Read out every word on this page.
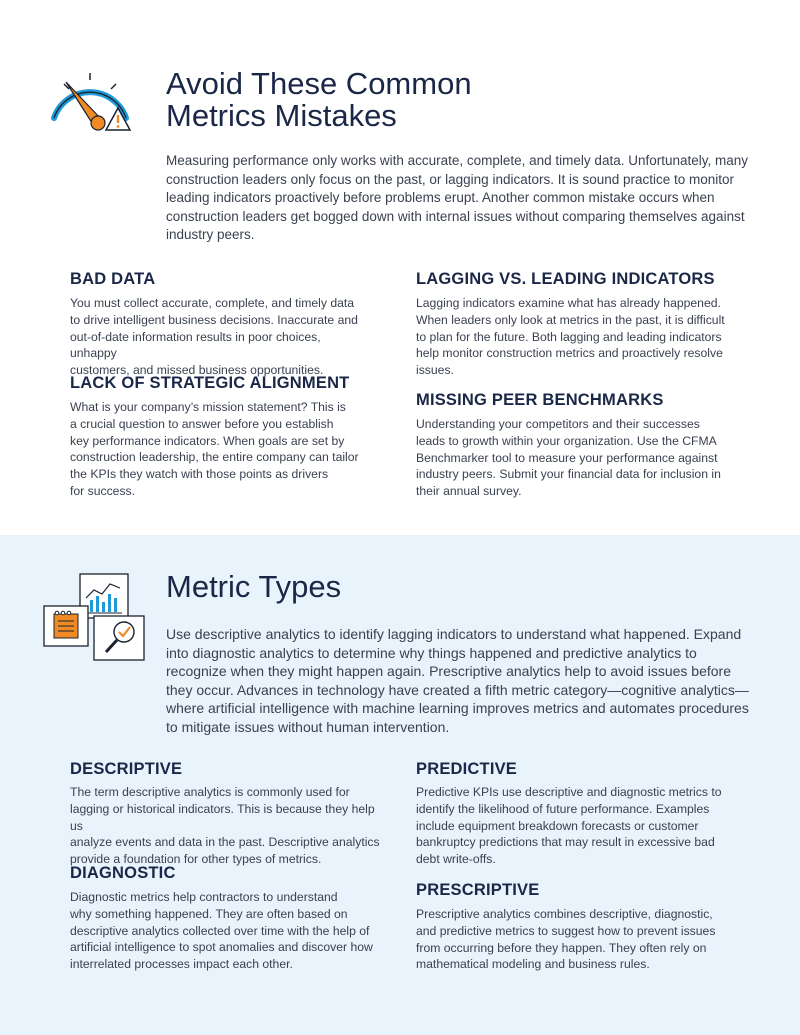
Avoid These Common
Metrics Mistakes

Measuring performance only works with accurate, complete, and timely data. Unfortunately, many
construction leaders only focus on the past, or lagging indicators. It is sound practice to monitor
leading indicators proactively before problems erupt. Another common mistake occurs when
construction leaders get bogged down with internal issues without comparing themselves against
industry peers.

BAD DATA

You must collect accurate, complete, and timely data
to drive intelligent business decisions. Inaccurate and
out-of-date information results in poor choices, unhappy
customers, and missed business opportunities.

LACK OF STRATEGIC ALIGNMENT

What is your company’s mission statement? This is
a crucial question to answer before you establish
key performance indicators. When goals are set by
construction leadership, the entire company can tailor
the KPIs they watch with those points as drivers
for success.

LAGGING VS. LEADING INDICATORS

Lagging indicators examine what has already happened.
When leaders only look at metrics in the past, it is difficult
to plan for the future. Both lagging and leading indicators
help monitor construction metrics and proactively resolve
issues.

MISSING PEER BENCHMARKS

Understanding your competitors and their successes
leads to growth within your organization. Use the CFMA
Benchmarker tool to measure your performance against
industry peers. Submit your financial data for inclusion in
their annual survey.

Metric Types

Use descriptive analytics to identify lagging indicators to understand what happened. Expand
into diagnostic analytics to determine why things happened and predictive analytics to
recognize when they might happen again. Prescriptive analytics help to avoid issues before
they occur. Advances in technology have created a fifth metric category—cognitive analytics—
where artificial intelligence with machine learning improves metrics and automates procedures
to mitigate issues without human intervention.

DESCRIPTIVE

The term descriptive analytics is commonly used for
lagging or historical indicators. This is because they help us
analyze events and data in the past. Descriptive analytics
provide a foundation for other types of metrics.

DIAGNOSTIC

Diagnostic metrics help contractors to understand
why something happened. They are often based on
descriptive analytics collected over time with the help of
artificial intelligence to spot anomalies and discover how
interrelated processes impact each other.

PREDICTIVE

Predictive KPIs use descriptive and diagnostic metrics to
identify the likelihood of future performance. Examples
include equipment breakdown forecasts or customer
bankruptcy predictions that may result in excessive bad
debt write-offs.

PRESCRIPTIVE

Prescriptive analytics combines descriptive, diagnostic,
and predictive metrics to suggest how to prevent issues
from occurring before they happen. They often rely on
mathematical modeling and business rules.
